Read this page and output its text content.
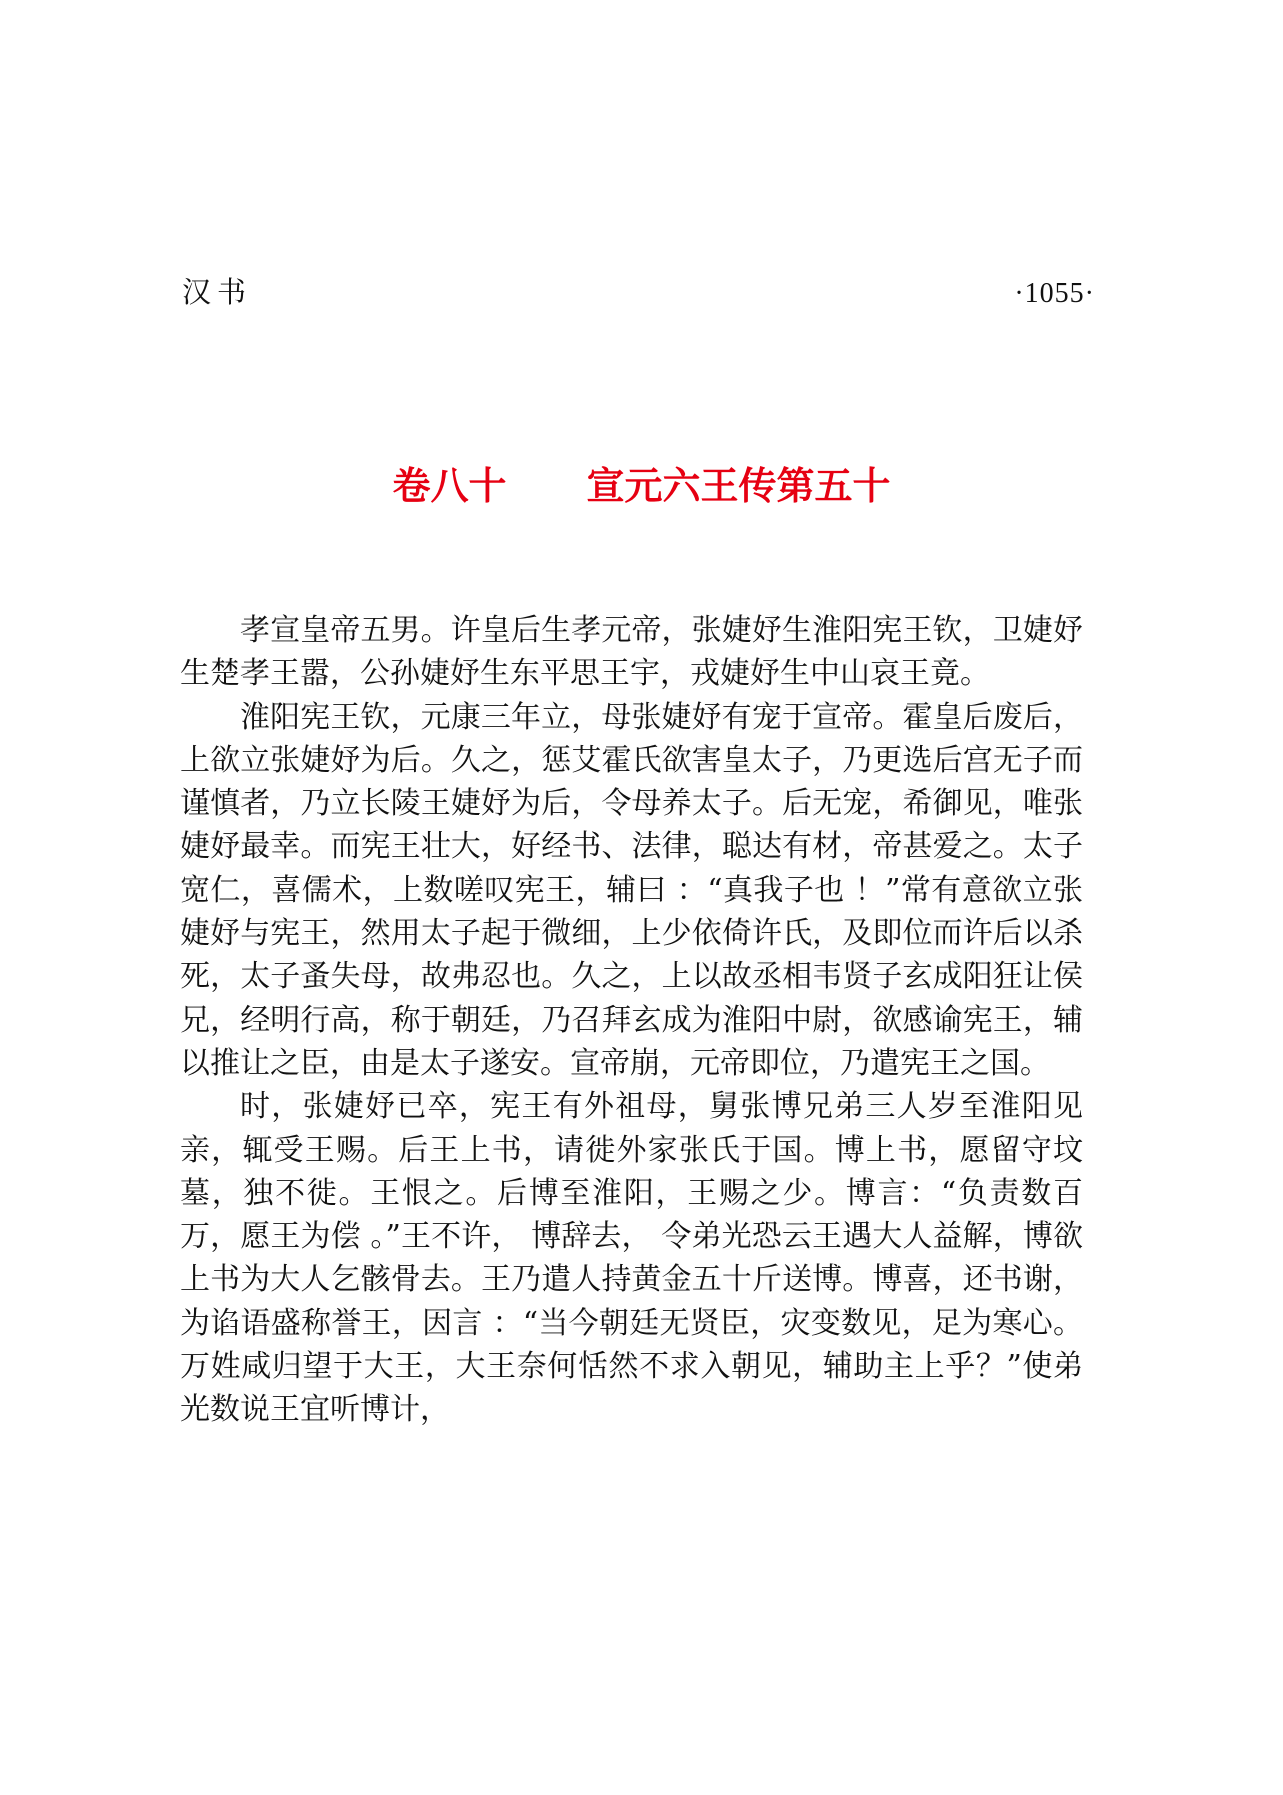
汉书	·1055·
卷八十 宣元六王传第五十

孝宣皇帝五男。许皇后生孝元帝，张婕妤生淮阳宪王钦，卫婕妤生楚孝王嚣，公孙婕妤生东平思王宇，戎婕妤生中山哀王竟。

淮阳宪王钦，元康三年立，母张婕妤有宠于宣帝。霍皇后废后，上欲立张婕妤为后。久之，惩艾霍氏欲害皇太子，乃更选后宫无子而谨慎者，乃立长陵王婕妤为后，令母养太子。后无宠，希御见，唯张婕妤最幸。而宪王壮大，好经书、法律，聪达有材，帝甚爱之。太子宽仁，喜儒术，上数嗟叹宪王，辅曰 ：“真我子也 ！”常有意欲立张婕妤与宪王，然用太子起于微细，上少依倚许氏，及即位而许后以杀死，太子蚤失母，故弗忍也。久之，上以故丞相韦贤子玄成阳狂让侯兄，经明行高，称于朝廷，乃召拜玄成为淮阳中尉，欲感谕宪王，辅以推让之臣，由是太子遂安。宣帝崩，元帝即位，乃遣宪王之国。

时，张婕妤已卒，宪王有外祖母，舅张博兄弟三人岁至淮阳见亲，辄受王赐。后王上书，请徙外家张氏于国。博上书，愿留守坟墓，独不徙。王恨之。后博至淮阳，王赐之少。博言：“负责数百万，愿王为偿 。”王不许， 博辞去， 令弟光恐云王遇大人益解，博欲上书为大人乞骸骨去。王乃遣人持黄金五十斤送博。博喜，还书谢，为谄语盛称誉王，因言 ：“当今朝廷无贤臣，灾变数见，足为寒心。万姓咸归望于大王，大王奈何恬然不求入朝见，辅助主上乎？”使弟光数说王宜听博计，
